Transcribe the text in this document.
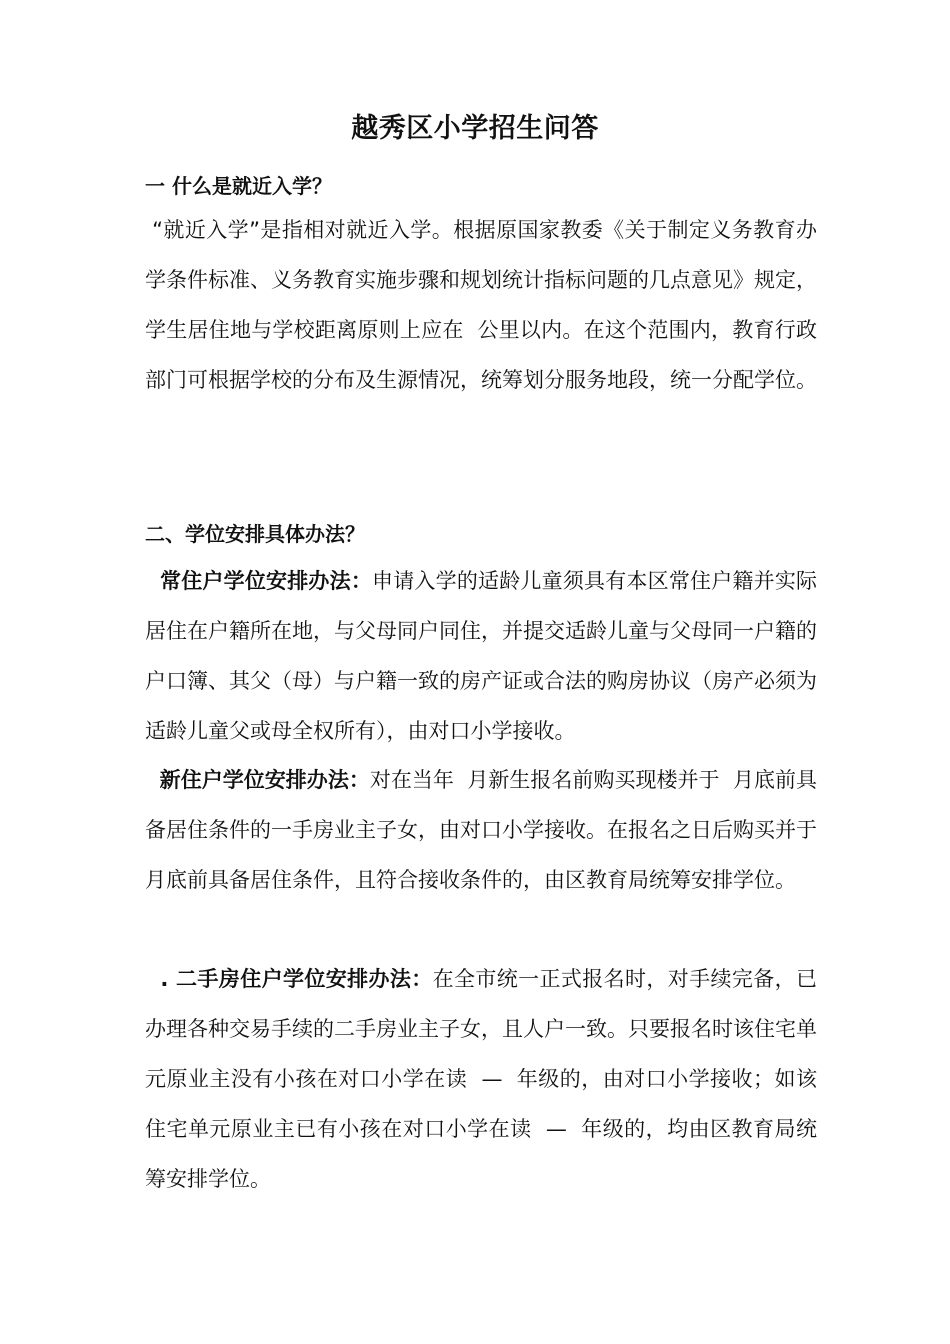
越秀区小学招生问答
一 什么是就近入学？
“就近入学”是指相对就近入学。根据原国家教委《关于制定义务教育办学条件标准、义务教育实施步骤和规划统计指标问题的几点意见》规定，学生居住地与学校距离原则上应在  公里以内。在这个范围内，教育行政部门可根据学校的分布及生源情况，统筹划分服务地段，统一分配学位。
二、学位安排具体办法？
常住户学位安排办法：申请入学的适龄儿童须具有本区常住户籍并实际居住在户籍所在地，与父母同户同住，并提交适龄儿童与父母同一户籍的户口簿、其父（母）与户籍一致的房产证或合法的购房协议（房产必须为适龄儿童父或母全权所有），由对口小学接收。
新住户学位安排办法：对在当年  月新生报名前购买现楼并于  月底前具备居住条件的一手房业主子女，由对口小学接收。在报名之日后购买并于  月底前具备居住条件，且符合接收条件的，由区教育局统筹安排学位。
. 二手房住户学位安排办法：在全市统一正式报名时，对手续完备，已办理各种交易手续的二手房业主子女，且人户一致。只要报名时该住宅单元原业主没有小孩在对口小学在读  —  年级的，由对口小学接收；如该住宅单元原业主已有小孩在对口小学在读  —  年级的，均由区教育局统筹安排学位。
